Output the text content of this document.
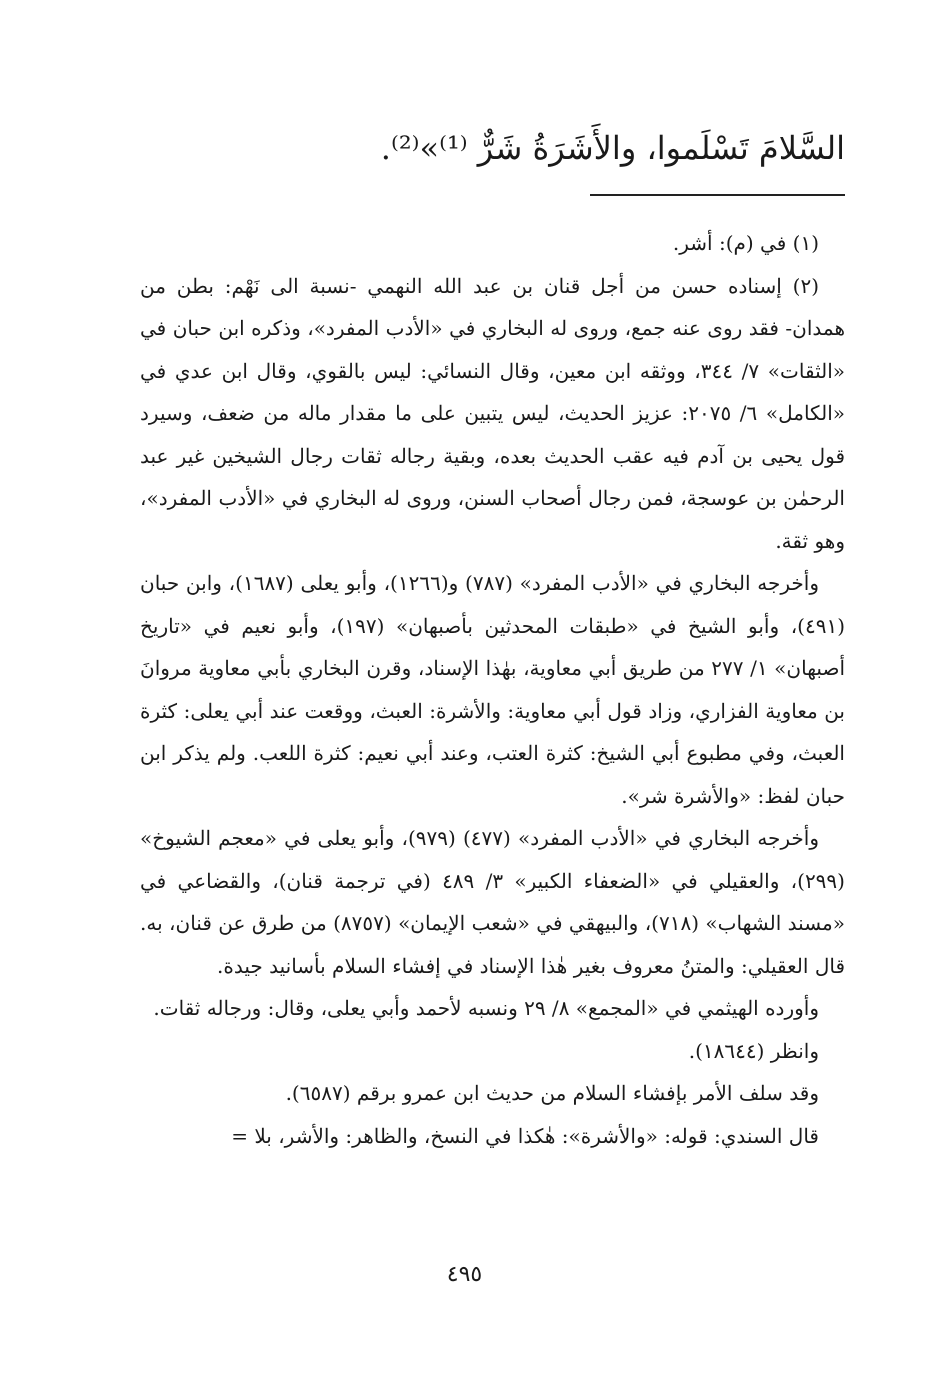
السَّلامَ تَسْلَموا، والأَشَرَةُ شَرٌّ ⁽¹⁾»⁽²⁾.

(١) في (م): أشر.

(٢) إسناده حسن من أجل قنان بن عبد الله النهمي -نسبة الى نَهْم: بطن من همدان- فقد روى عنه جمع، وروى له البخاري في «الأدب المفرد»، وذكره ابن حبان في «الثقات» ٧/ ٣٤٤، ووثقه ابن معين، وقال النسائي: ليس بالقوي، وقال ابن عدي في «الكامل» ٦/ ٢٠٧٥: عزيز الحديث، ليس يتبين على ما مقدار ماله من ضعف، وسيرد قول يحيى بن آدم فيه عقب الحديث بعده، وبقية رجاله ثقات رجال الشيخين غير عبد الرحمٰن بن عوسجة، فمن رجال أصحاب السنن، وروى له البخاري في «الأدب المفرد»، وهو ثقة.

وأخرجه البخاري في «الأدب المفرد» (٧٨٧) و(١٢٦٦)، وأبو يعلى (١٦٨٧)، وابن حبان (٤٩١)، وأبو الشيخ في «طبقات المحدثين بأصبهان» (١٩٧)، وأبو نعيم في «تاريخ أصبهان» ١/ ٢٧٧ من طريق أبي معاوية، بهٰذا الإسناد، وقرن البخاري بأبي معاوية مروانَ بن معاوية الفزاري، وزاد قول أبي معاوية: والأشرة: العبث، ووقعت عند أبي يعلى: كثرة العبث، وفي مطبوع أبي الشيخ: كثرة العتب، وعند أبي نعيم: كثرة اللعب. ولم يذكر ابن حبان لفظ: «والأشرة شر».

وأخرجه البخاري في «الأدب المفرد» (٤٧٧) (٩٧٩)، وأبو يعلى في «معجم الشيوخ» (٢٩٩)، والعقيلي في «الضعفاء الكبير» ٣/ ٤٨٩ (في ترجمة قنان)، والقضاعي في «مسند الشهاب» (٧١٨)، والبيهقي في «شعب الإيمان» (٨٧٥٧) من طرق عن قنان، به. قال العقيلي: والمتنُ معروف بغير هٰذا الإسناد في إفشاء السلام بأسانيد جيدة.

وأورده الهيثمي في «المجمع» ٨/ ٢٩ ونسبه لأحمد وأبي يعلى، وقال: ورجاله ثقات.

وانظر (١٨٦٤٤).

وقد سلف الأمر بإفشاء السلام من حديث ابن عمرو برقم (٦٥٨٧).

قال السندي: قوله: «والأشرة»: هٰكذا في النسخ، والظاهر: والأشر، بلا =

٤٩٥
